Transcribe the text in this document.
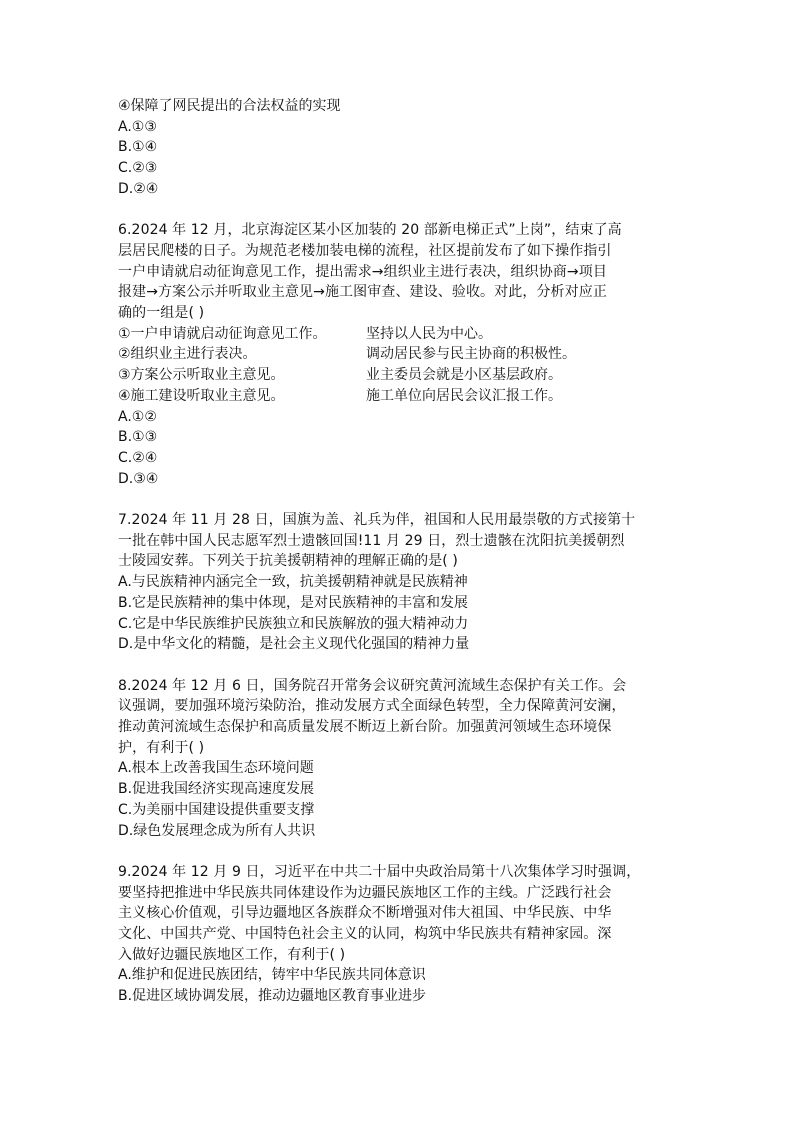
④保障了网民提出的合法权益的实现
A.①③
B.①④
C.②③
D.②④
6.2024 年 12 月，北京海淀区某小区加装的 20 部新电梯正式”上岗”，结束了高
层居民爬楼的日子。为规范老楼加装电梯的流程，社区提前发布了如下操作指引
一户申请就启动征询意见工作，提出需求→组织业主进行表决，组织协商→项目
报建→方案公示并听取业主意见→施工图审查、建设、验收。对此，分析对应正
确的一组是( )
①一户申请就启动征询意见工作。	坚持以人民为中心。
②组织业主进行表决。	调动居民参与民主协商的积极性。
③方案公示听取业主意见。	业主委员会就是小区基层政府。
④施工建设听取业主意见。	施工单位向居民会议汇报工作。
A.①②
B.①③
C.②④
D.③④
7.2024 年 11 月 28 日，国旗为盖、礼兵为伴，祖国和人民用最崇敬的方式接第十
一批在韩中国人民志愿军烈士遗骸回国!11 月 29 日，烈士遗骸在沈阳抗美援朝烈
士陵园安葬。下列关于抗美援朝精神的理解正确的是( )
A.与民族精神内涵完全一致，抗美援朝精神就是民族精神
B.它是民族精神的集中体现，是对民族精神的丰富和发展
C.它是中华民族维护民族独立和民族解放的强大精神动力
D.是中华文化的精髓，是社会主义现代化强国的精神力量
8.2024 年 12 月 6 日，国务院召开常务会议研究黄河流域生态保护有关工作。会
议强调，要加强环境污染防治，推动发展方式全面绿色转型，全力保障黄河安澜，
推动黄河流域生态保护和高质量发展不断迈上新台阶。加强黄河领域生态环境保
护，有利于( )
A.根本上改善我国生态环境问题
B.促进我国经济实现高速度发展
C.为美丽中国建设提供重要支撑
D.绿色发展理念成为所有人共识
9.2024 年 12 月 9 日，习近平在中共二十届中央政治局第十八次集体学习时强调，
要坚持把推进中华民族共同体建设作为边疆民族地区工作的主线。广泛践行社会
主义核心价值观，引导边疆地区各族群众不断增强对伟大祖国、中华民族、中华
文化、中国共产党、中国特色社会主义的认同，构筑中华民族共有精神家园。深
入做好边疆民族地区工作，有利于( )
A.维护和促进民族团结，铸牢中华民族共同体意识
B.促进区域协调发展，推动边疆地区教育事业进步
